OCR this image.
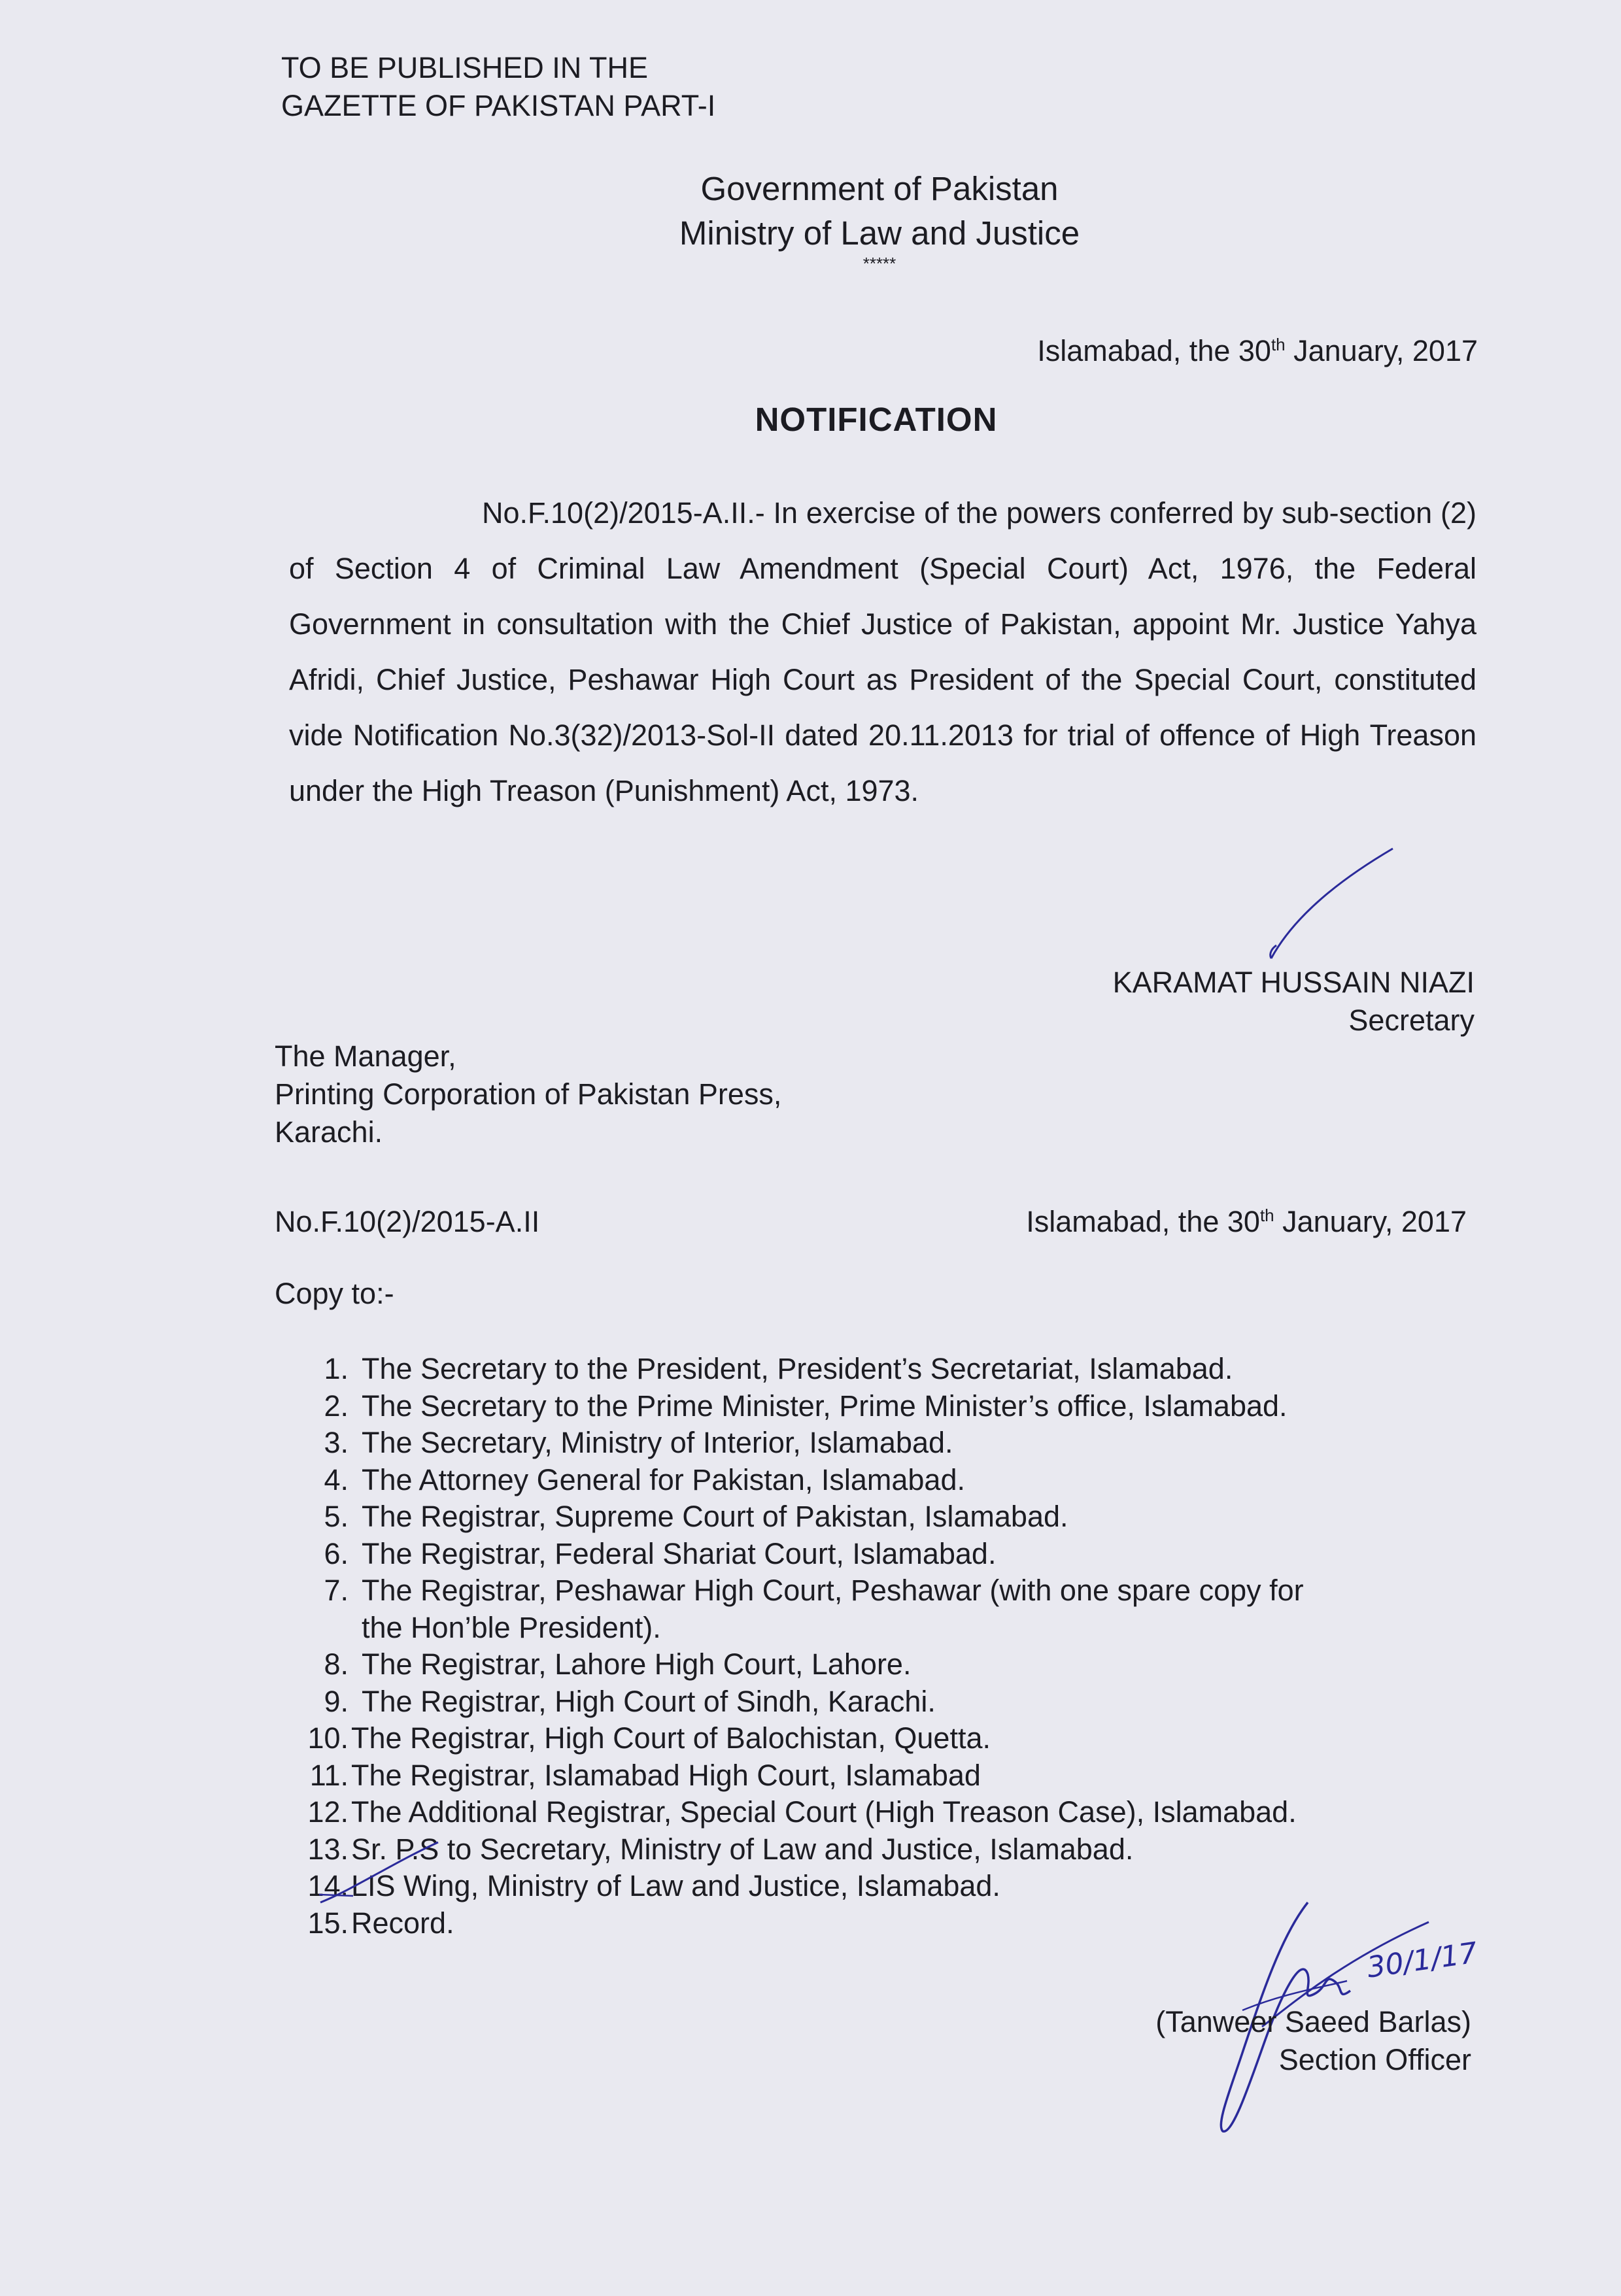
TO BE PUBLISHED IN THE
GAZETTE OF PAKISTAN PART-I
Government of Pakistan
Ministry of Law and Justice
*****
Islamabad, the 30th January, 2017
NOTIFICATION

No.F.10(2)/2015-A.II.- In exercise of the powers conferred by sub-section (2) of Section 4 of Criminal Law Amendment (Special Court) Act, 1976, the Federal Government in consultation with the Chief Justice of Pakistan, appoint Mr. Justice Yahya Afridi, Chief Justice, Peshawar High Court as President of the Special Court, constituted vide Notification No.3(32)/2013-Sol-II dated 20.11.2013 for trial of offence of High Treason under the High Treason (Punishment) Act, 1973.

KARAMAT HUSSAIN NIAZI
Secretary
The Manager,
Printing Corporation of Pakistan Press,
Karachi.
No.F.10(2)/2015-A.II	Islamabad, the 30th January, 2017
Copy to:-
1. The Secretary to the President, President’s Secretariat, Islamabad.
2. The Secretary to the Prime Minister, Prime Minister’s office, Islamabad.
3. The Secretary, Ministry of Interior, Islamabad.
4. The Attorney General for Pakistan, Islamabad.
5. The Registrar, Supreme Court of Pakistan, Islamabad.
6. The Registrar, Federal Shariat Court, Islamabad.
7. The Registrar, Peshawar High Court, Peshawar (with one spare copy for
the Hon’ble President).
8. The Registrar, Lahore High Court, Lahore.
9. The Registrar, High Court of Sindh, Karachi.
10. The Registrar, High Court of Balochistan, Quetta.
11. The Registrar, Islamabad High Court, Islamabad
12. The Additional Registrar, Special Court (High Treason Case), Islamabad.
13. Sr. P.S to Secretary, Ministry of Law and Justice, Islamabad.
14. LIS Wing, Ministry of Law and Justice, Islamabad.
15. Record.
30/1/17
(Tanweer Saeed Barlas)
Section Officer
